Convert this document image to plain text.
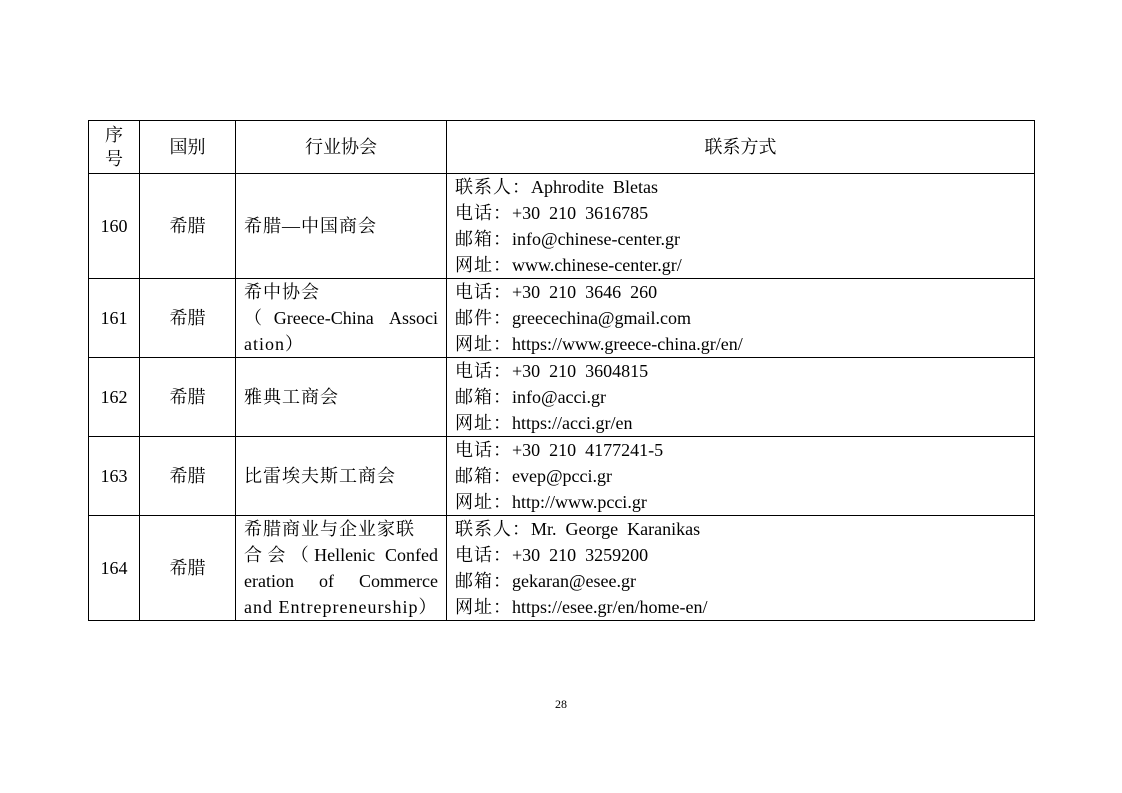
序
号	国别	行业协会	联系方式
160	希腊	希腊—中国商会	联系人：Aphrodite  Bletas
电话：+30  210  3616785
邮箱：info@chinese-center.gr
网址：www.chinese-center.gr/

161	希腊	希中协会
（Greece-China Associ
ation）	电话：+30  210  3646  260
邮件：greecechina@gmail.com
网址：https://www.greece-china.gr/en/

162	希腊	雅典工商会	电话：+30  210  3604815
邮箱：info@acci.gr
网址：https://acci.gr/en

163	希腊	比雷埃夫斯工商会	电话：+30  210  4177241-5
邮箱：evep@pcci.gr
网址：http://www.pcci.gr

164	希腊	希腊商业与企业家联
合会（Hellenic Confed
eration of Commerce
and Entrepreneurship）	联系人：Mr.  George  Karanikas
电话：+30  210  3259200
邮箱：gekaran@esee.gr
网址：https://esee.gr/en/home-en/
28
